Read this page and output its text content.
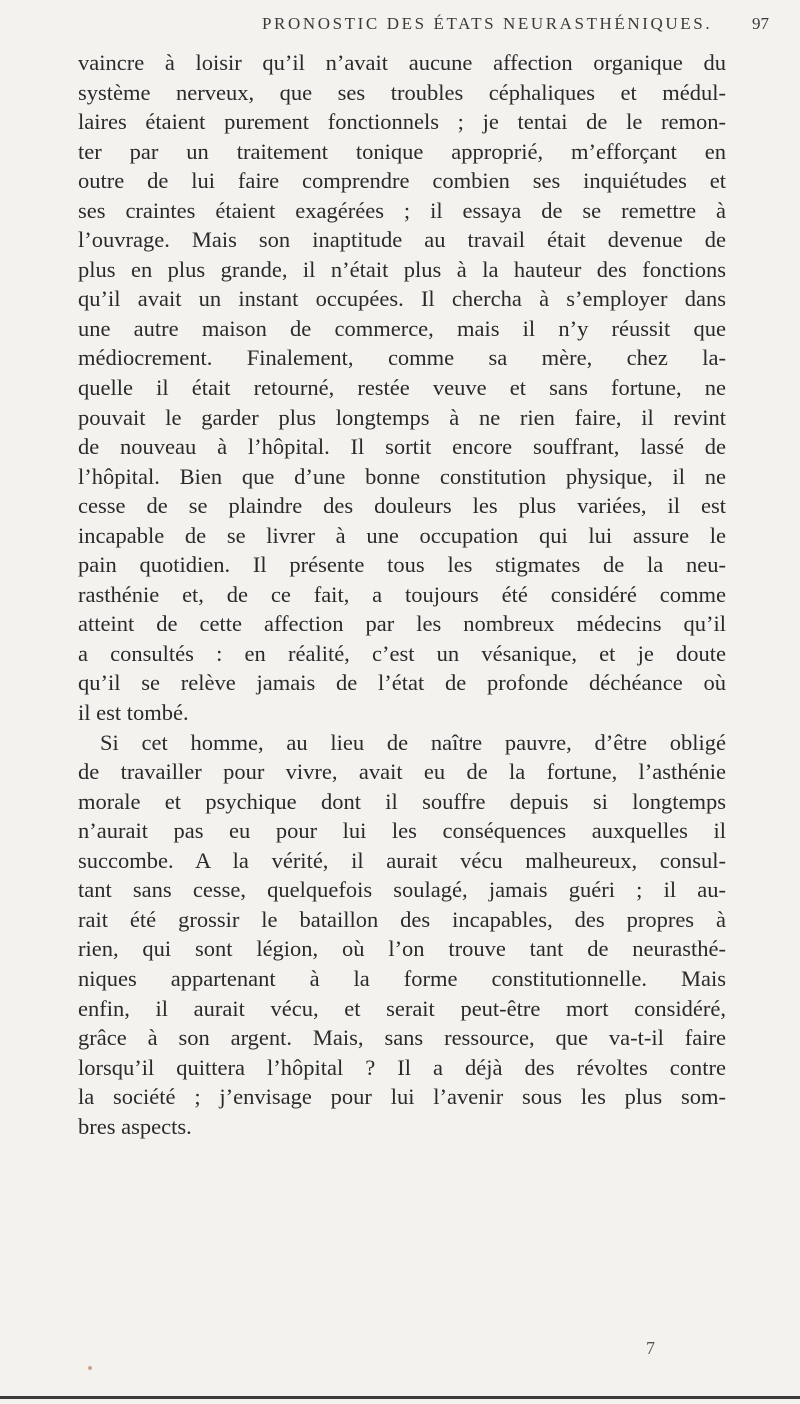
PRONOSTIC DES ÉTATS NEURASTHÉNIQUES. 97
vaincre à loisir qu’il n’avait aucune affection organique du
système nerveux, que ses troubles céphaliques et médul-
laires étaient purement fonctionnels ; je tentai de le remon-
ter par un traitement tonique approprié, m’efforçant en
outre de lui faire comprendre combien ses inquiétudes et
ses craintes étaient exagérées ; il essaya de se remettre à
l’ouvrage. Mais son inaptitude au travail était devenue de
plus en plus grande, il n’était plus à la hauteur des fonctions
qu’il avait un instant occupées. Il chercha à s’employer dans
une autre maison de commerce, mais il n’y réussit que
médiocrement. Finalement, comme sa mère, chez la-
quelle il était retourné, restée veuve et sans fortune, ne
pouvait le garder plus longtemps à ne rien faire, il revint
de nouveau à l’hôpital. Il sortit encore souffrant, lassé de
l’hôpital. Bien que d’une bonne constitution physique, il ne
cesse de se plaindre des douleurs les plus variées, il est
incapable de se livrer à une occupation qui lui assure le
pain quotidien. Il présente tous les stigmates de la neu-
rasthénie et, de ce fait, a toujours été considéré comme
atteint de cette affection par les nombreux médecins qu’il
a consultés : en réalité, c’est un vésanique, et je doute
qu’il se relève jamais de l’état de profonde déchéance où
il est tombé.
Si cet homme, au lieu de naître pauvre, d’être obligé
de travailler pour vivre, avait eu de la fortune, l’asthénie
morale et psychique dont il souffre depuis si longtemps
n’aurait pas eu pour lui les conséquences auxquelles il
succombe. A la vérité, il aurait vécu malheureux, consul-
tant sans cesse, quelquefois soulagé, jamais guéri ; il au-
rait été grossir le bataillon des incapables, des propres à
rien, qui sont légion, où l’on trouve tant de neurasthé-
niques appartenant à la forme constitutionnelle. Mais
enfin, il aurait vécu, et serait peut-être mort considéré,
grâce à son argent. Mais, sans ressource, que va-t-il faire
lorsqu’il quittera l’hôpital ? Il a déjà des révoltes contre
la société ; j’envisage pour lui l’avenir sous les plus som-
bres aspects.
7
